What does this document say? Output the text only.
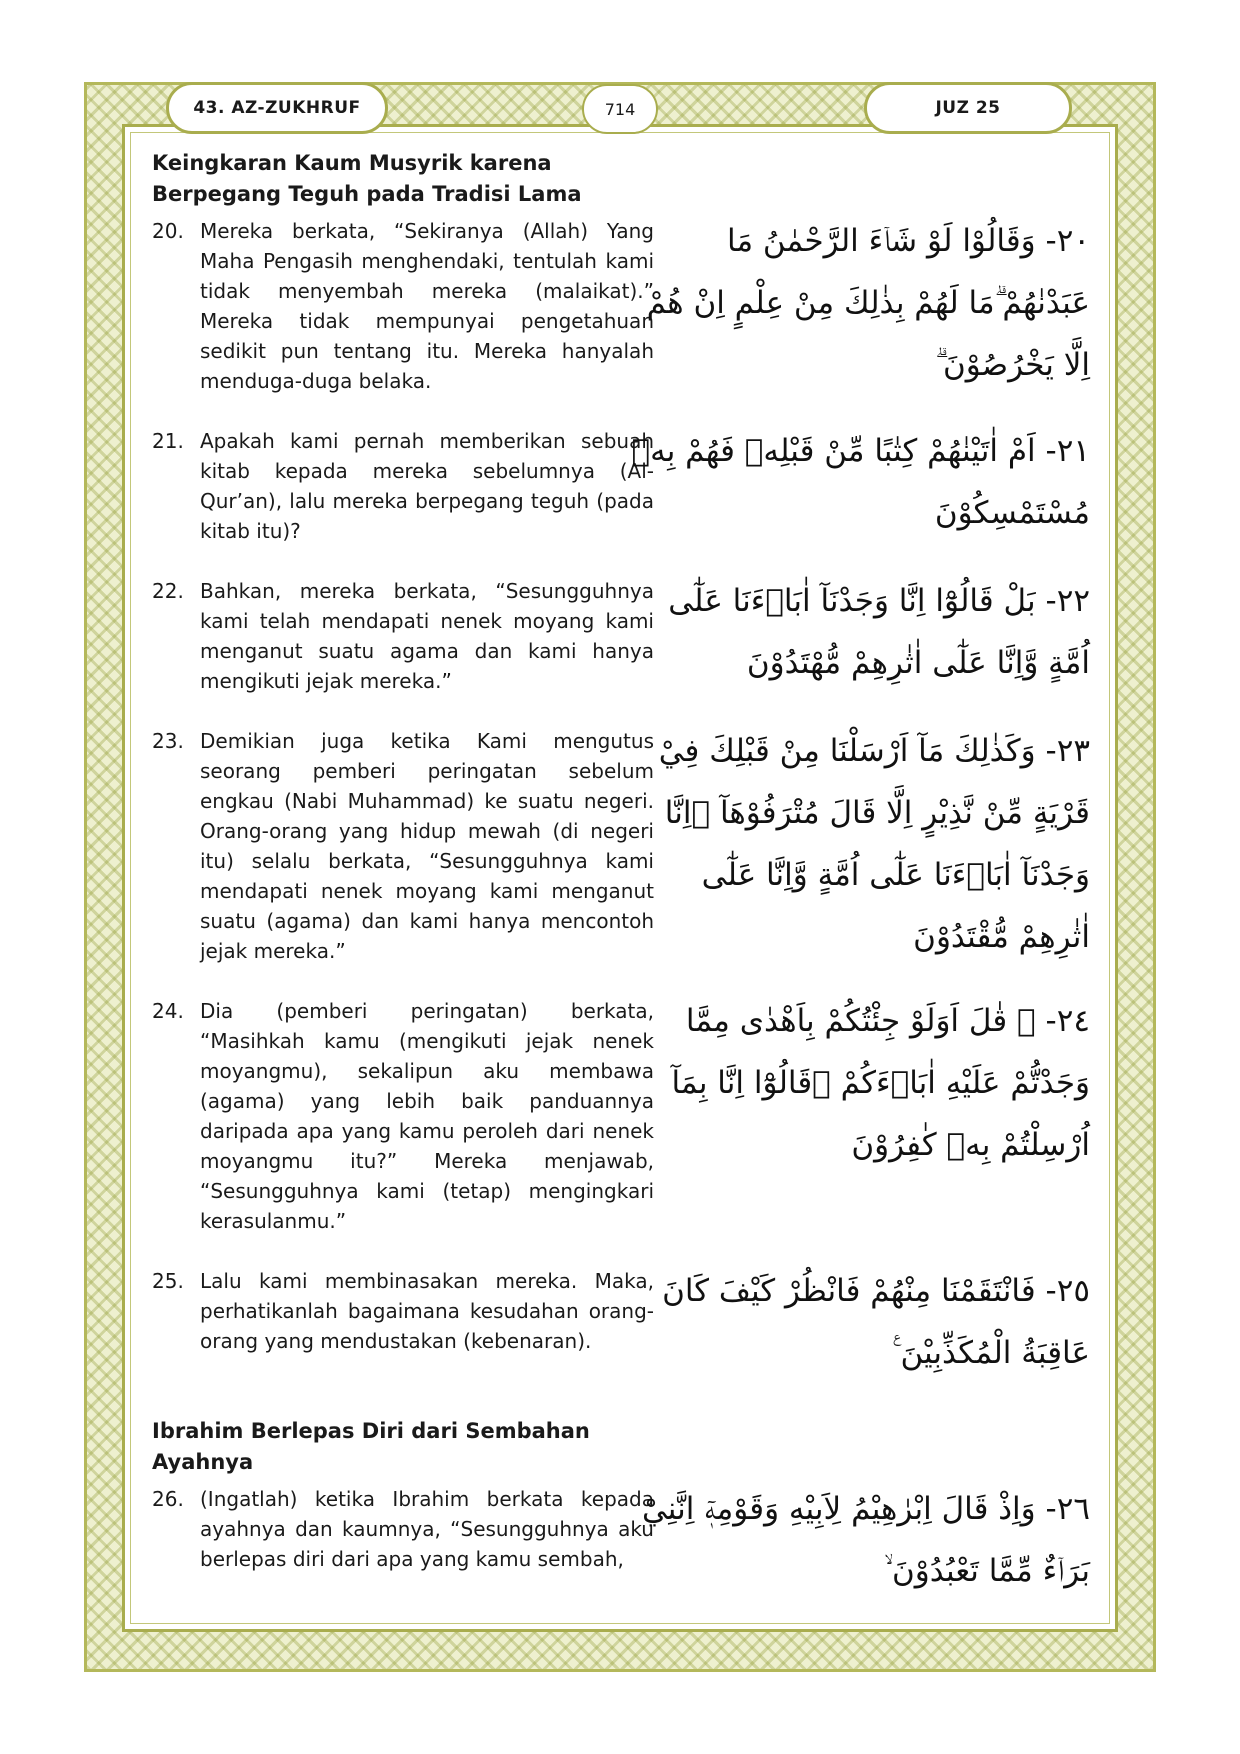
43. AZ-ZUKHRUF	714	JUZ 25

Keingkaran Kaum Musyrik karena

Berpegang Teguh pada Tradisi Lama

20. Mereka berkata, “Sekiranya (Allah) Yang Maha Pengasih menghendaki, tentulah kami tidak menyembah mereka (malaikat).” Mereka tidak mempunyai pengetahuan sedikit pun tentang itu. Mereka hanyalah menduga-duga belaka.
٢٠- وَقَالُوْا لَوْ شَاۤءَ الرَّحْمٰنُ مَا عَبَدْنٰهُمْ ۗمَا لَهُمْ بِذٰلِكَ مِنْ عِلْمٍ اِنْ هُمْ اِلَّا يَخْرُصُوْنَ ۗ
21. Apakah kami pernah memberikan sebuah kitab kepada mereka sebelumnya (Al-Qur’an), lalu mereka berpegang teguh (pada kitab itu)?
٢١- اَمْ اٰتَيْنٰهُمْ كِتٰبًا مِّنْ قَبْلِهٖ فَهُمْ بِهٖ مُسْتَمْسِكُوْنَ
22. Bahkan, mereka berkata, “Sesungguhnya kami telah mendapati nenek moyang kami menganut suatu agama dan kami hanya mengikuti jejak mereka.”
٢٢- بَلْ قَالُوْٓا اِنَّا وَجَدْنَآ اٰبَاۤءَنَا عَلٰٓى اُمَّةٍ وَّاِنَّا عَلٰٓى اٰثٰرِهِمْ مُّهْتَدُوْنَ
23. Demikian juga ketika Kami mengutus seorang pemberi peringatan sebelum engkau (Nabi Muhammad) ke suatu negeri. Orang-orang yang hidup mewah (di negeri itu) selalu berkata, “Sesungguhnya kami mendapati nenek moyang kami menganut suatu (agama) dan kami hanya mencontoh jejak mereka.”
٢٣- وَكَذٰلِكَ مَآ اَرْسَلْنَا مِنْ قَبْلِكَ فِيْ قَرْيَةٍ مِّنْ نَّذِيْرٍ اِلَّا قَالَ مُتْرَفُوْهَآ ۙاِنَّا وَجَدْنَآ اٰبَاۤءَنَا عَلٰٓى اُمَّةٍ وَّاِنَّا عَلٰٓى اٰثٰرِهِمْ مُّقْتَدُوْنَ
24. Dia (pemberi peringatan) berkata, “Masihkah kamu (mengikuti jejak nenek moyangmu), sekalipun aku membawa (agama) yang lebih baik panduannya daripada apa yang kamu peroleh dari nenek moyangmu itu?” Mereka menjawab, “Sesungguhnya kami (tetap) mengingkari kerasulanmu.”
٢٤- ۞ قٰلَ اَوَلَوْ جِئْتُكُمْ بِاَهْدٰى مِمَّا وَجَدْتُّمْ عَلَيْهِ اٰبَاۤءَكُمْ ۗقَالُوْٓا اِنَّا بِمَآ اُرْسِلْتُمْ بِهٖ كٰفِرُوْنَ
25. Lalu kami membinasakan mereka. Maka, perhatikanlah bagaimana kesudahan orang-orang yang mendustakan (kebenaran).
٢٥- فَانْتَقَمْنَا مِنْهُمْ فَانْظُرْ كَيْفَ كَانَ عَاقِبَةُ الْمُكَذِّبِيْنَ ࣖ

Ibrahim Berlepas Diri dari Sembahan

Ayahnya

26. (Ingatlah) ketika Ibrahim berkata kepada ayahnya dan kaumnya, “Sesungguhnya aku berlepas diri dari apa yang kamu sembah,
٢٦- وَاِذْ قَالَ اِبْرٰهِيْمُ لِاَبِيْهِ وَقَوْمِهٖٓ اِنَّنِيْ بَرَاۤءٌ مِّمَّا تَعْبُدُوْنَ ۙ
